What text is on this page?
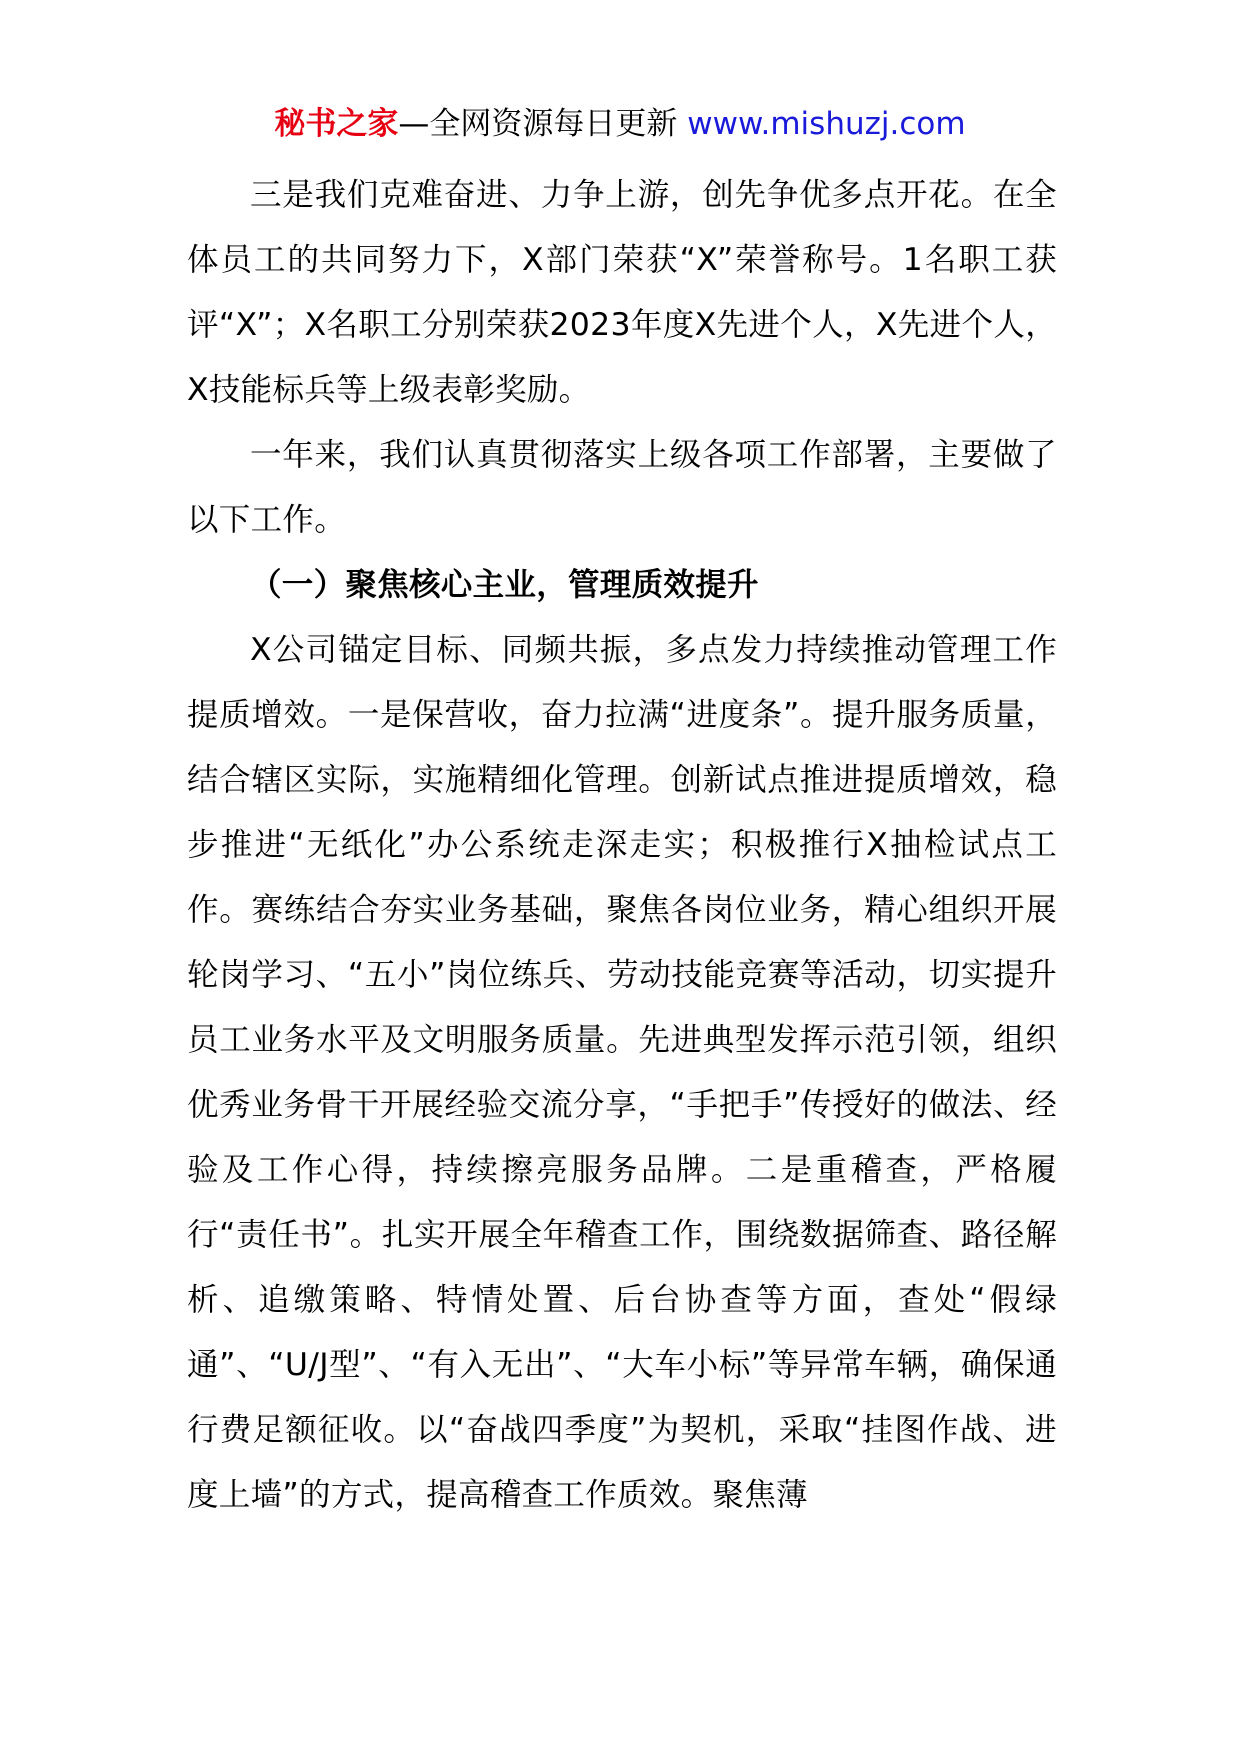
秘书之家—全网资源每日更新 www.mishuzj.com

三是我们克难奋进、力争上游，创先争优多点开花。在全体员工的共同努力下，X部门荣获“X”荣誉称号。1名职工获评“X”；X名职工分别荣获2023年度X先进个人，X先进个人，X技能标兵等上级表彰奖励。

一年来，我们认真贯彻落实上级各项工作部署，主要做了以下工作。

（一）聚焦核心主业，管理质效提升

X公司锚定目标、同频共振，多点发力持续推动管理工作提质增效。一是保营收，奋力拉满“进度条”。提升服务质量，结合辖区实际，实施精细化管理。创新试点推进提质增效，稳步推进“无纸化”办公系统走深走实；积极推行X抽检试点工作。赛练结合夯实业务基础，聚焦各岗位业务，精心组织开展轮岗学习、“五小”岗位练兵、劳动技能竞赛等活动，切实提升员工业务水平及文明服务质量。先进典型发挥示范引领，组织优秀业务骨干开展经验交流分享，“手把手”传授好的做法、经验及工作心得，持续擦亮服务品牌。二是重稽查，严格履行“责任书”。扎实开展全年稽查工作，围绕数据筛查、路径解析、追缴策略、特情处置、后台协查等方面，查处“假绿通”、“U/J型”、“有入无出”、“大车小标”等异常车辆，确保通行费足额征收。以“奋战四季度”为契机，采取“挂图作战、进度上墙”的方式，提高稽查工作质效。聚焦薄
